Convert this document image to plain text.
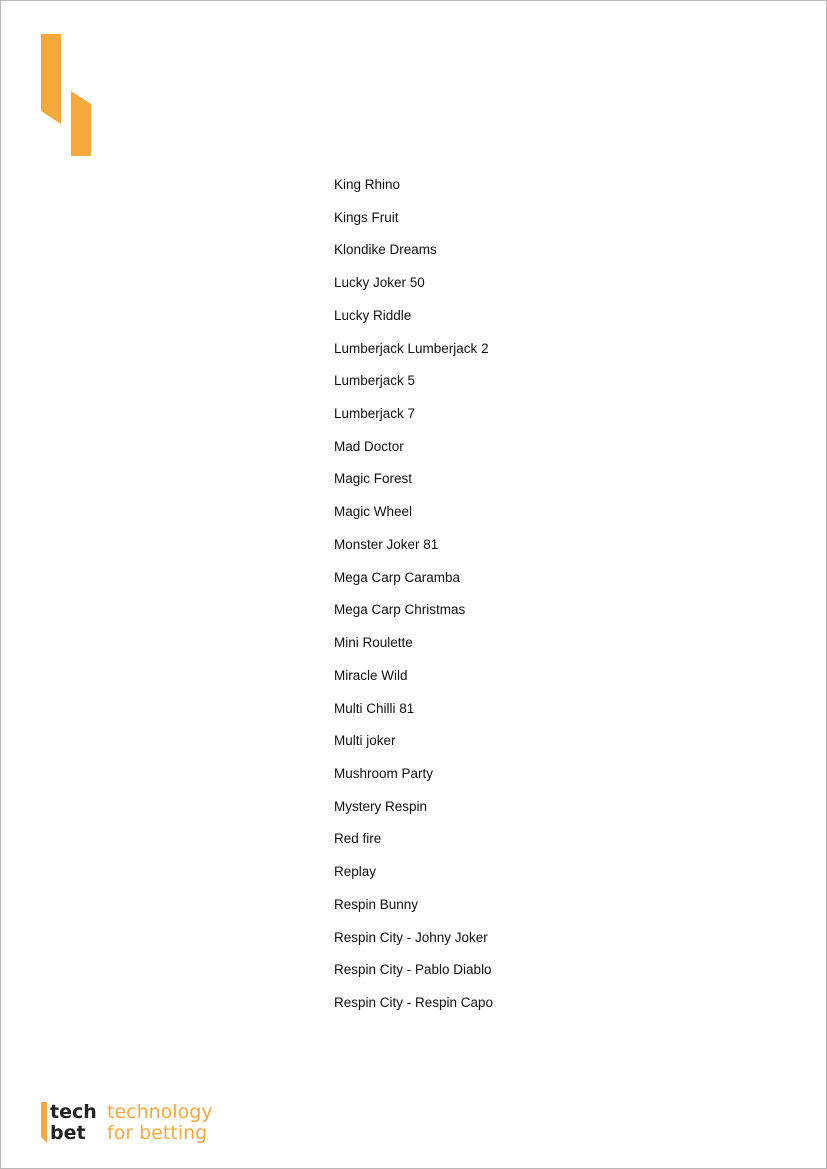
King Rhino
Kings Fruit
Klondike Dreams
Lucky Joker 50
Lucky Riddle
Lumberjack Lumberjack 2
Lumberjack 5
Lumberjack 7
Mad Doctor
Magic Forest
Magic Wheel
Monster Joker 81
Mega Carp Caramba
Mega Carp Christmas
Mini Roulette
Miracle Wild
Multi Chilli 81
Multi joker
Mushroom Party
Mystery Respin
Red fire
Replay
Respin Bunny
Respin City - Johny Joker
Respin City - Pablo Diablo
Respin City - Respin Capo
tech
bet
technology
for betting
